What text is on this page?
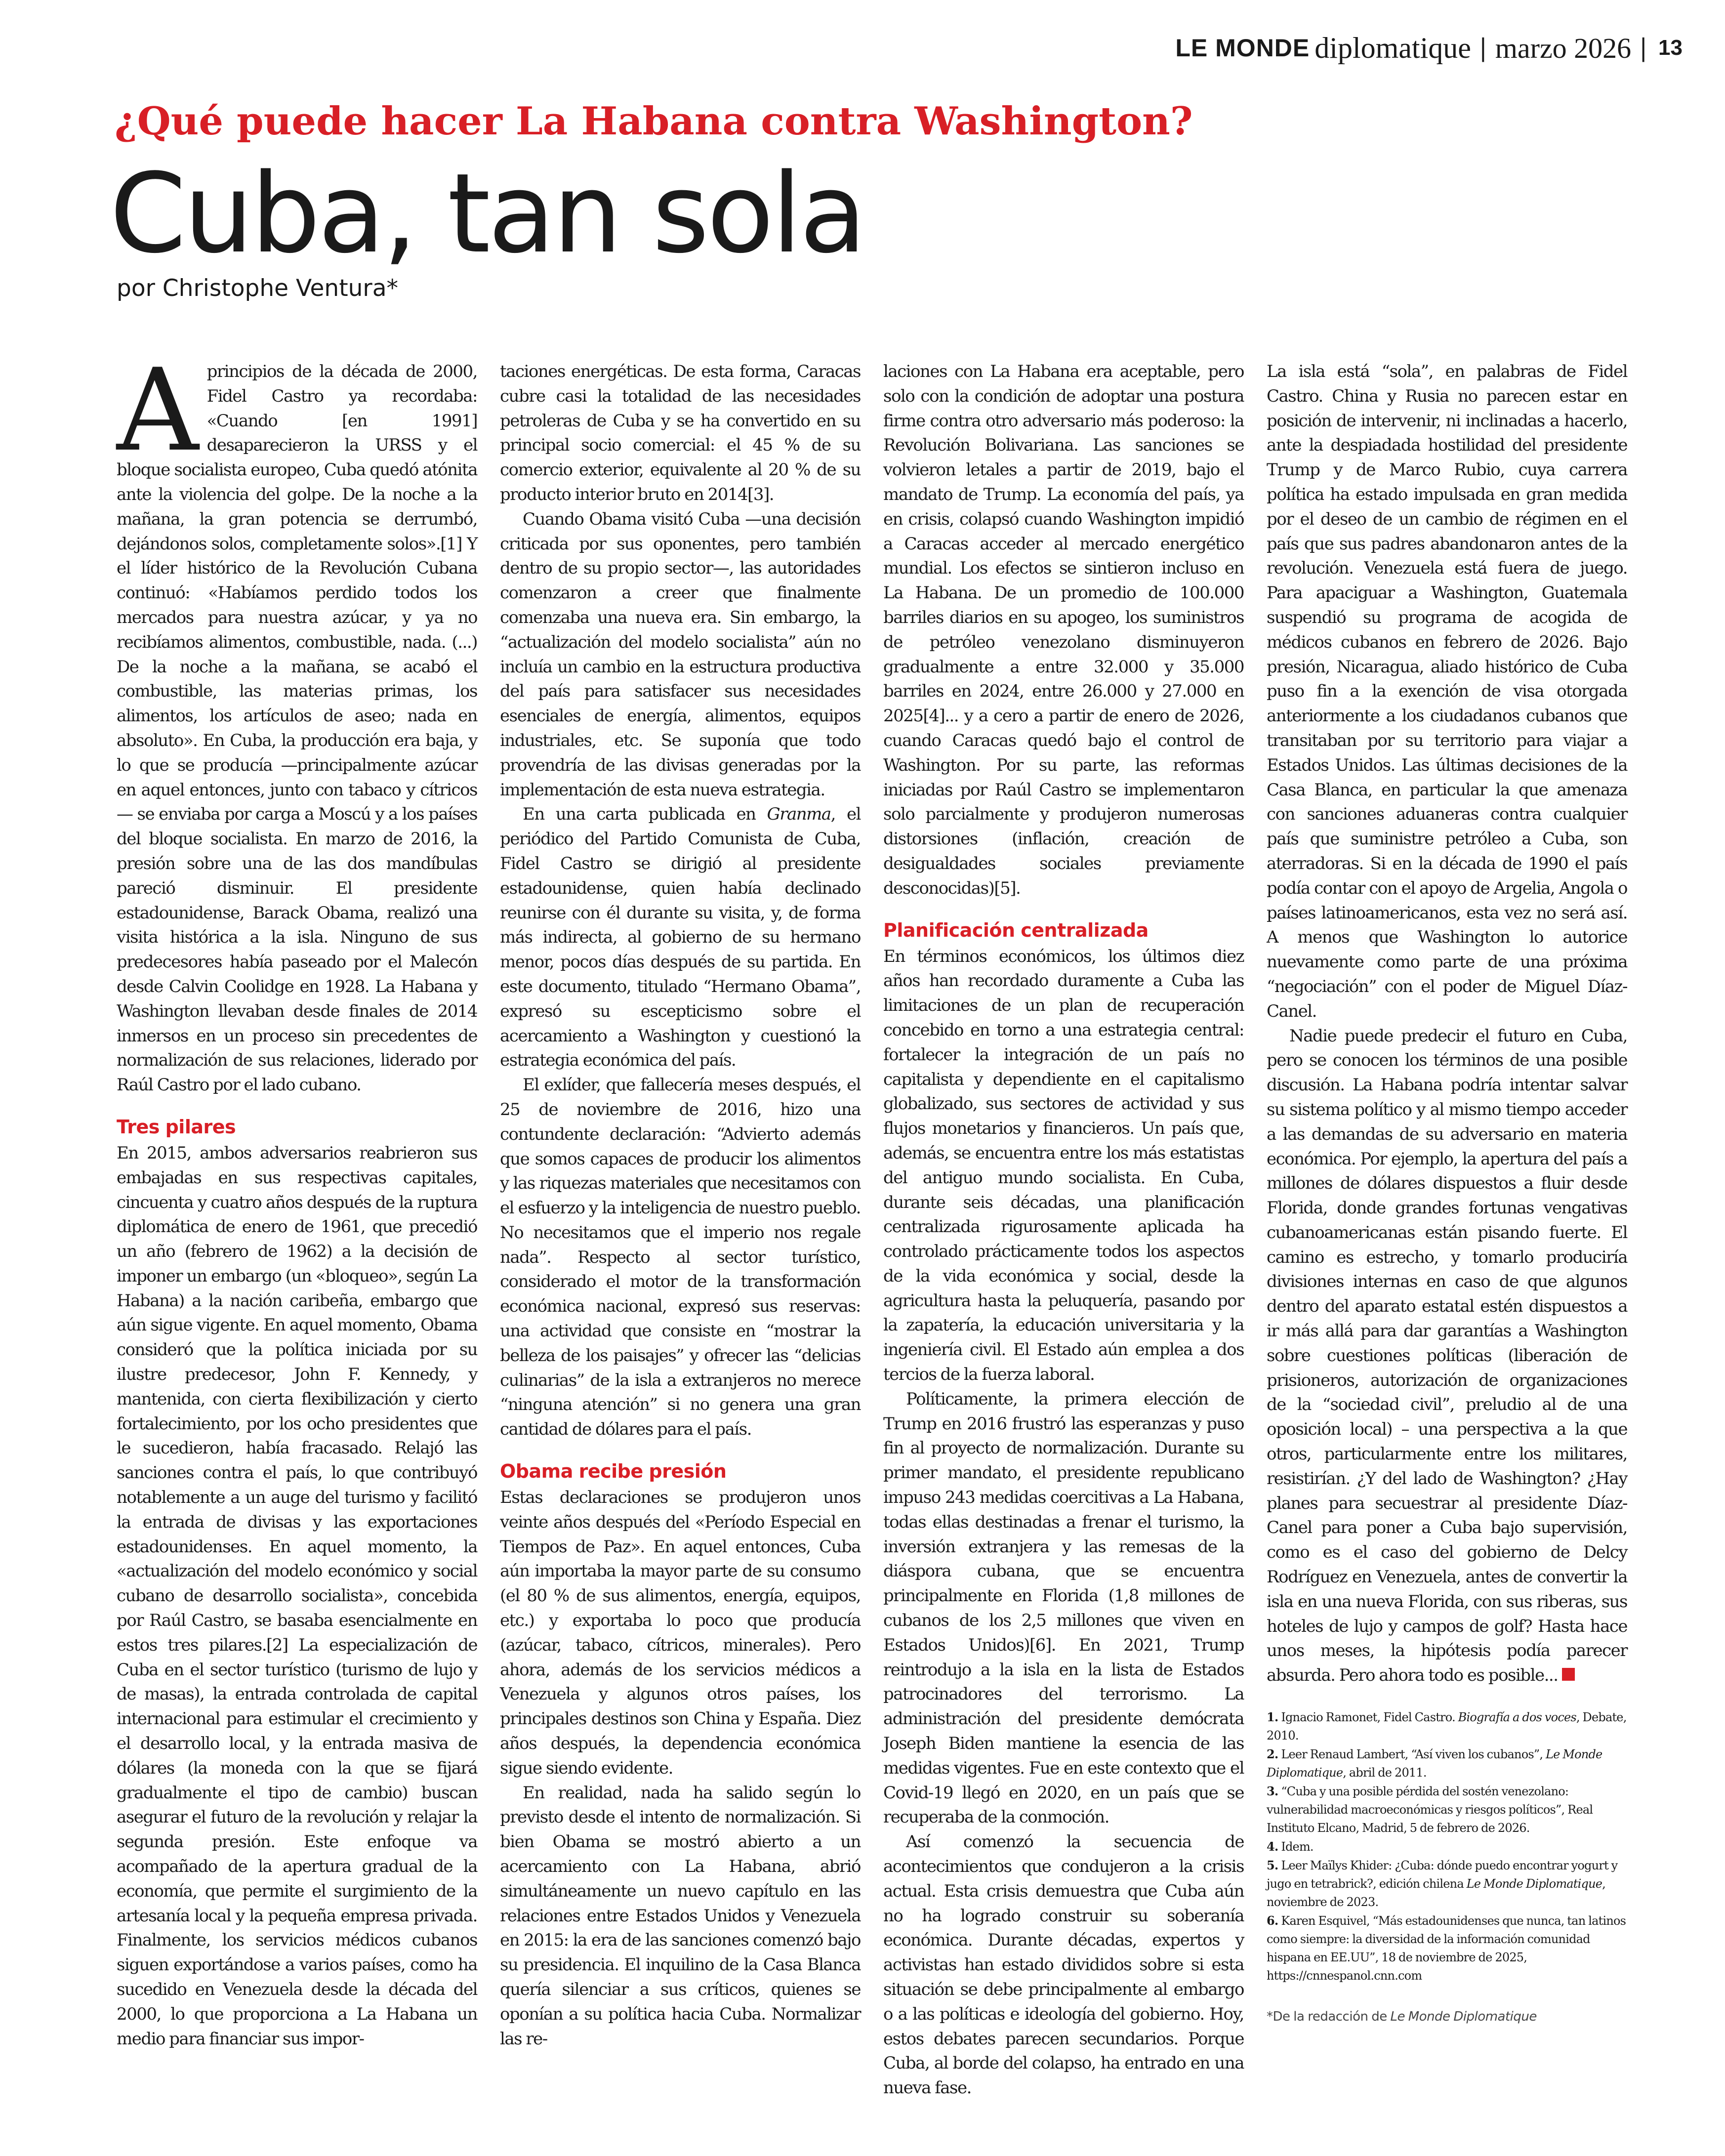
LE MONDE diplomatique | marzo 2026 | 13
¿Qué puede hacer La Habana contra Washington?
Cuba, tan sola

por Christophe Ventura*

Aprincipios de la década de 2000, Fidel Castro ya recordaba: «Cuando [en 1991] desaparecieron la URSS y el bloque socialista europeo, Cuba quedó atónita ante la violencia del golpe. De la noche a la mañana, la gran potencia se derrumbó, dejándonos solos, completamente solos».[1] Y el líder histórico de la Revolución Cubana continuó: «Habíamos perdido todos los mercados para nuestra azúcar, y ya no recibíamos alimentos, combustible, nada. (...) De la noche a la mañana, se acabó el combustible, las materias primas, los alimentos, los artículos de aseo; nada en absoluto». En Cuba, la producción era baja, y lo que se producía —principalmente azúcar en aquel entonces, junto con tabaco y cítricos— se enviaba por carga a Moscú y a los países del bloque socialista. En marzo de 2016, la presión sobre una de las dos mandíbulas pareció disminuir. El presidente estadounidense, Barack Obama, realizó una visita histórica a la isla. Ninguno de sus predecesores había paseado por el Malecón desde Calvin Coolidge en 1928. La Habana y Washington llevaban desde finales de 2014 inmersos en un proceso sin precedentes de normalización de sus relaciones, liderado por Raúl Castro por el lado cubano.

Tres pilares

En 2015, ambos adversarios reabrieron sus embajadas en sus respectivas capitales, cincuenta y cuatro años después de la ruptura diplomática de enero de 1961, que precedió un año (febrero de 1962) a la decisión de imponer un embargo (un «bloqueo», según La Habana) a la nación caribeña, embargo que aún sigue vigente. En aquel momento, Obama consideró que la política iniciada por su ilustre predecesor, John F. Kennedy, y mantenida, con cierta flexibilización y cierto fortalecimiento, por los ocho presidentes que le sucedieron, había fracasado. Relajó las sanciones contra el país, lo que contribuyó notablemente a un auge del turismo y facilitó la entrada de divisas y las exportaciones estadounidenses. En aquel momento, la «actualización del modelo económico y social cubano de desarrollo socialista», concebida por Raúl Castro, se basaba esencialmente en estos tres pilares.[2] La especialización de Cuba en el sector turístico (turismo de lujo y de masas), la entrada controlada de capital internacional para estimular el crecimiento y el desarrollo local, y la entrada masiva de dólares (la moneda con la que se fijará gradualmente el tipo de cambio) buscan asegurar el futuro de la revolución y relajar la segunda presión. Este enfoque va acompañado de la apertura gradual de la economía, que permite el surgimiento de la artesanía local y la pequeña empresa privada. Finalmente, los servicios médicos cubanos siguen exportándose a varios países, como ha sucedido en Venezuela desde la década del 2000, lo que proporciona a La Habana un medio para financiar sus impor-

taciones energéticas. De esta forma, Caracas cubre casi la totalidad de las necesidades petroleras de Cuba y se ha convertido en su principal socio comercial: el 45 % de su comercio exterior, equivalente al 20 % de su producto interior bruto en 2014[3].

Cuando Obama visitó Cuba —una decisión criticada por sus oponentes, pero también dentro de su propio sector—, las autoridades comenzaron a creer que finalmente comenzaba una nueva era. Sin embargo, la “actualización del modelo socialista” aún no incluía un cambio en la estructura productiva del país para satisfacer sus necesidades esenciales de energía, alimentos, equipos industriales, etc. Se suponía que todo provendría de las divisas generadas por la implementación de esta nueva estrategia.

En una carta publicada en Granma, el periódico del Partido Comunista de Cuba, Fidel Castro se dirigió al presidente estadounidense, quien había declinado reunirse con él durante su visita, y, de forma más indirecta, al gobierno de su hermano menor, pocos días después de su partida. En este documento, titulado “Hermano Obama”, expresó su escepticismo sobre el acercamiento a Washington y cuestionó la estrategia económica del país.

El exlíder, que fallecería meses después, el 25 de noviembre de 2016, hizo una contundente declaración: “Advierto además que somos capaces de producir los alimentos y las riquezas materiales que necesitamos con el esfuerzo y la inteligencia de nuestro pueblo. No necesitamos que el imperio nos regale nada”. Respecto al sector turístico, considerado el motor de la transformación económica nacional, expresó sus reservas: una actividad que consiste en “mostrar la belleza de los paisajes” y ofrecer las “delicias culinarias” de la isla a extranjeros no merece “ninguna atención” si no genera una gran cantidad de dólares para el país.

Obama recibe presión

Estas declaraciones se produjeron unos veinte años después del «Período Especial en Tiempos de Paz». En aquel entonces, Cuba aún importaba la mayor parte de su consumo (el 80 % de sus alimentos, energía, equipos, etc.) y exportaba lo poco que producía (azúcar, tabaco, cítricos, minerales). Pero ahora, además de los servicios médicos a Venezuela y algunos otros países, los principales destinos son China y España. Diez años después, la dependencia económica sigue siendo evidente.

En realidad, nada ha salido según lo previsto desde el intento de normalización. Si bien Obama se mostró abierto a un acercamiento con La Habana, abrió simultáneamente un nuevo capítulo en las relaciones entre Estados Unidos y Venezuela en 2015: la era de las sanciones comenzó bajo su presidencia. El inquilino de la Casa Blanca quería silenciar a sus críticos, quienes se oponían a su política hacia Cuba. Normalizar las re-

laciones con La Habana era aceptable, pero solo con la condición de adoptar una postura firme contra otro adversario más poderoso: la Revolución Bolivariana. Las sanciones se volvieron letales a partir de 2019, bajo el mandato de Trump. La economía del país, ya en crisis, colapsó cuando Washington impidió a Caracas acceder al mercado energético mundial. Los efectos se sintieron incluso en La Habana. De un promedio de 100.000 barriles diarios en su apogeo, los suministros de petróleo venezolano disminuyeron gradualmente a entre 32.000 y 35.000 barriles en 2024, entre 26.000 y 27.000 en 2025[4]... y a cero a partir de enero de 2026, cuando Caracas quedó bajo el control de Washington. Por su parte, las reformas iniciadas por Raúl Castro se implementaron solo parcialmente y produjeron numerosas distorsiones (inflación, creación de desigualdades sociales previamente desconocidas)[5].

Planificación centralizada

En términos económicos, los últimos diez años han recordado duramente a Cuba las limitaciones de un plan de recuperación concebido en torno a una estrategia central: fortalecer la integración de un país no capitalista y dependiente en el capitalismo globalizado, sus sectores de actividad y sus flujos monetarios y financieros. Un país que, además, se encuentra entre los más estatistas del antiguo mundo socialista. En Cuba, durante seis décadas, una planificación centralizada rigurosamente aplicada ha controlado prácticamente todos los aspectos de la vida económica y social, desde la agricultura hasta la peluquería, pasando por la zapatería, la educación universitaria y la ingeniería civil. El Estado aún emplea a dos tercios de la fuerza laboral.

Políticamente, la primera elección de Trump en 2016 frustró las esperanzas y puso fin al proyecto de normalización. Durante su primer mandato, el presidente republicano impuso 243 medidas coercitivas a La Habana, todas ellas destinadas a frenar el turismo, la inversión extranjera y las remesas de la diáspora cubana, que se encuentra principalmente en Florida (1,8 millones de cubanos de los 2,5 millones que viven en Estados Unidos)[6]. En 2021, Trump reintrodujo a la isla en la lista de Estados patrocinadores del terrorismo. La administración del presidente demócrata Joseph Biden mantiene la esencia de las medidas vigentes. Fue en este contexto que el Covid-19 llegó en 2020, en un país que se recuperaba de la conmoción.

Así comenzó la secuencia de acontecimientos que condujeron a la crisis actual. Esta crisis demuestra que Cuba aún no ha logrado construir su soberanía económica. Durante décadas, expertos y activistas han estado divididos sobre si esta situación se debe principalmente al embargo o a las políticas e ideología del gobierno. Hoy, estos debates parecen secundarios. Porque Cuba, al borde del colapso, ha entrado en una nueva fase.

La isla está “sola”, en palabras de Fidel Castro. China y Rusia no parecen estar en posición de intervenir, ni inclinadas a hacerlo, ante la despiadada hostilidad del presidente Trump y de Marco Rubio, cuya carrera política ha estado impulsada en gran medida por el deseo de un cambio de régimen en el país que sus padres abandonaron antes de la revolución. Venezuela está fuera de juego. Para apaciguar a Washington, Guatemala suspendió su programa de acogida de médicos cubanos en febrero de 2026. Bajo presión, Nicaragua, aliado histórico de Cuba puso fin a la exención de visa otorgada anteriormente a los ciudadanos cubanos que transitaban por su territorio para viajar a Estados Unidos. Las últimas decisiones de la Casa Blanca, en particular la que amenaza con sanciones aduaneras contra cualquier país que suministre petróleo a Cuba, son aterradoras. Si en la década de 1990 el país podía contar con el apoyo de Argelia, Angola o países latinoamericanos, esta vez no será así. A menos que Washington lo autorice nuevamente como parte de una próxima “negociación” con el poder de Miguel Díaz-Canel.

Nadie puede predecir el futuro en Cuba, pero se conocen los términos de una posible discusión. La Habana podría intentar salvar su sistema político y al mismo tiempo acceder a las demandas de su adversario en materia económica. Por ejemplo, la apertura del país a millones de dólares dispuestos a fluir desde Florida, donde grandes fortunas vengativas cubanoamericanas están pisando fuerte. El camino es estrecho, y tomarlo produciría divisiones internas en caso de que algunos dentro del aparato estatal estén dispuestos a ir más allá para dar garantías a Washington sobre cuestiones políticas (liberación de prisioneros, autorización de organizaciones de la “sociedad civil”, preludio al de una oposición local) – una perspectiva a la que otros, particularmente entre los militares, resistirían. ¿Y del lado de Washington? ¿Hay planes para secuestrar al presidente Díaz-Canel para poner a Cuba bajo supervisión, como es el caso del gobierno de Delcy Rodríguez en Venezuela, antes de convertir la isla en una nueva Florida, con sus riberas, sus hoteles de lujo y campos de golf? Hasta hace unos meses, la hipótesis podía parecer absurda. Pero ahora todo es posible...

1. Ignacio Ramonet, Fidel Castro. Biografía a dos voces, Debate, 2010.

2. Leer Renaud Lambert, “Así viven los cubanos”, Le Monde Diplomatique, abril de 2011.

3. “Cuba y una posible pérdida del sostén venezolano: vulnerabilidad macroeconómicas y riesgos políticos”, Real Instituto Elcano, Madrid, 5 de febrero de 2026.

4. Idem.

5. Leer Maïlys Khider: ¿Cuba: dónde puedo encontrar yogurt y jugo en tetrabrick?, edición chilena Le Monde Diplomatique, noviembre de 2023.

6. Karen Esquivel, “Más estadounidenses que nunca, tan latinos como siempre: la diversidad de la información comunidad hispana en EE.UU”, 18 de noviembre de 2025, https://cnnespanol.cnn.com

*De la redacción de Le Monde Diplomatique
